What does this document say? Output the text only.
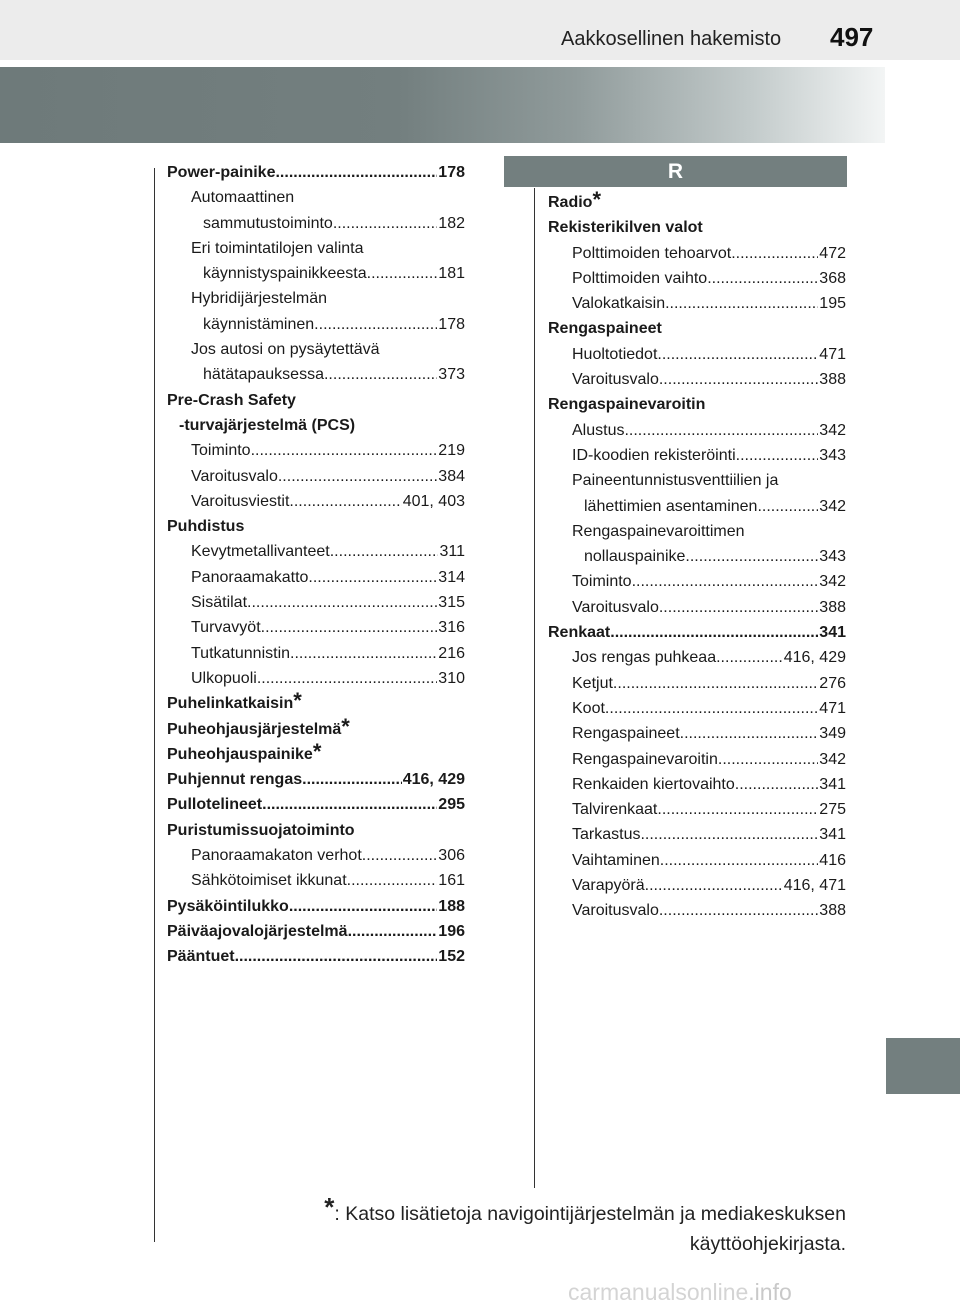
Aakkosellinen hakemisto 497
Power-painike .....	178
Automaattinen
sammutustoiminto .....	182
Eri toimintatilojen valinta
käynnistyspainikkeesta .....	181
Hybridijärjestelmän
käynnistäminen .....	178
Jos autosi on pysäytettävä
hätätapauksessa .....	373
Pre-Crash Safety
-turvajärjestelmä (PCS)
Toiminto .....	219
Varoitusvalo .....	384
Varoitusviestit .....	401, 403
Puhdistus
Kevytmetallivanteet .....	311
Panoraamakatto .....	314
Sisätilat .....	315
Turvavyöt .....	316
Tutkatunnistin .....	216
Ulkopuoli .....	310
Puhelinkatkaisin *
Puheohjausjärjestelmä *
Puheohjauspainike *
Puhjennut rengas .....	416, 429
Pullotelineet .....	295
Puristumissuojatoiminto
Panoraamakaton verhot .....	306
Sähkötoimiset ikkunat .....	161
Pysäköintilukko .....	188
Päiväajovalojärjestelmä .....	196
Pääntuet .....	152
R
Radio *
Rekisterikilven valot
Polttimoiden tehoarvot .....	472
Polttimoiden vaihto .....	368
Valokatkaisin .....	195
Rengaspaineet
Huoltotiedot .....	471
Varoitusvalo .....	388
Rengaspainevaroitin
Alustus .....	342
ID-koodien rekisteröinti .....	343
Paineentunnistusventtiilien ja
lähettimien asentaminen .....	342
Rengaspainevaroittimen
nollauspainike .....	343
Toiminto .....	342
Varoitusvalo .....	388
Renkaat .....	341
Jos rengas puhkeaa .....	416, 429
Ketjut .....	276
Koot .....	471
Rengaspaineet .....	349
Rengaspainevaroitin .....	342
Renkaiden kiertovaihto .....	341
Talvirenkaat .....	275
Tarkastus .....	341
Vaihtaminen .....	416
Varapyörä .....	416, 471
Varoitusvalo .....	388
*: Katso lisätietoja navigointijärjestelmän ja mediakeskuksen
käyttöohjekirjasta.
carmanualsonline.info
